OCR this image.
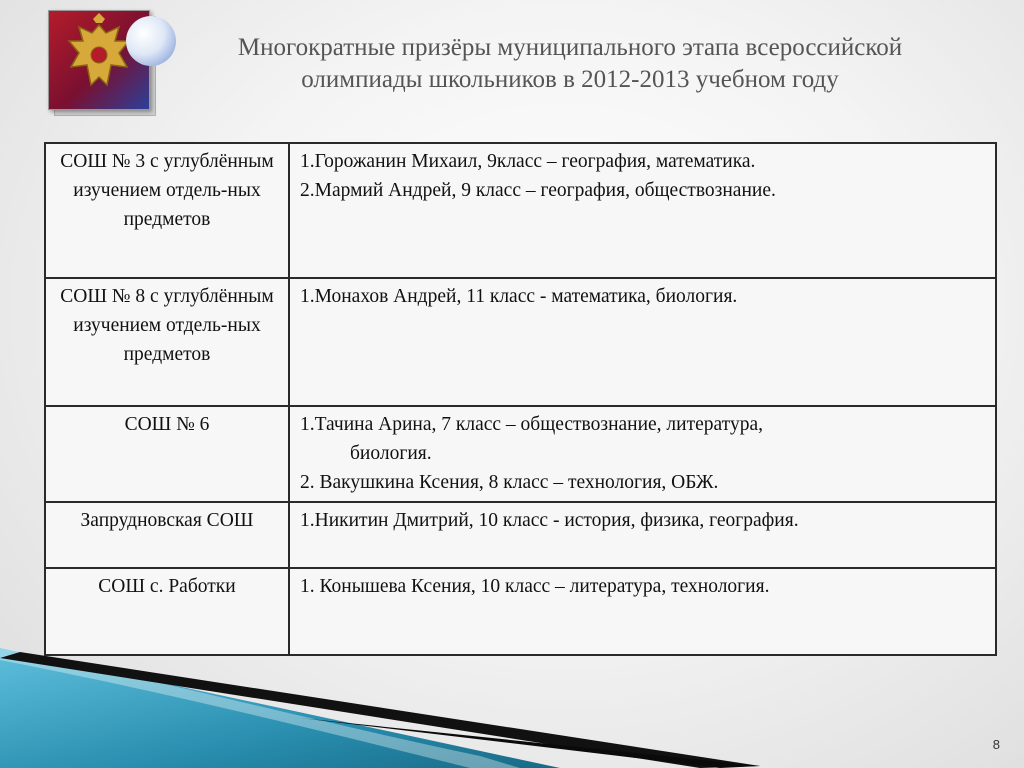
Многократные призёры муниципального этапа всероссийской
олимпиады школьников в 2012-2013 учебном году
СОШ № 3 с углублённым изучением отдель-ных предметов	1.Горожанин Михаил, 9класс – география, математика.
2.Мармий Андрей, 9 класс – география, обществознание.

СОШ № 8 с углублённым изучением отдель-ных предметов	1.Монахов Андрей, 11 класс - математика, биология.

СОШ № 6	1.Тачина Арина, 7 класс – обществознание, литература,
биология.
2. Вакушкина Ксения, 8 класс – технология, ОБЖ.

Запрудновская СОШ	1.Никитин Дмитрий, 10 класс - история, физика, география.

СОШ с. Работки	1. Конышева Ксения, 10 класс – литература, технология.
8
